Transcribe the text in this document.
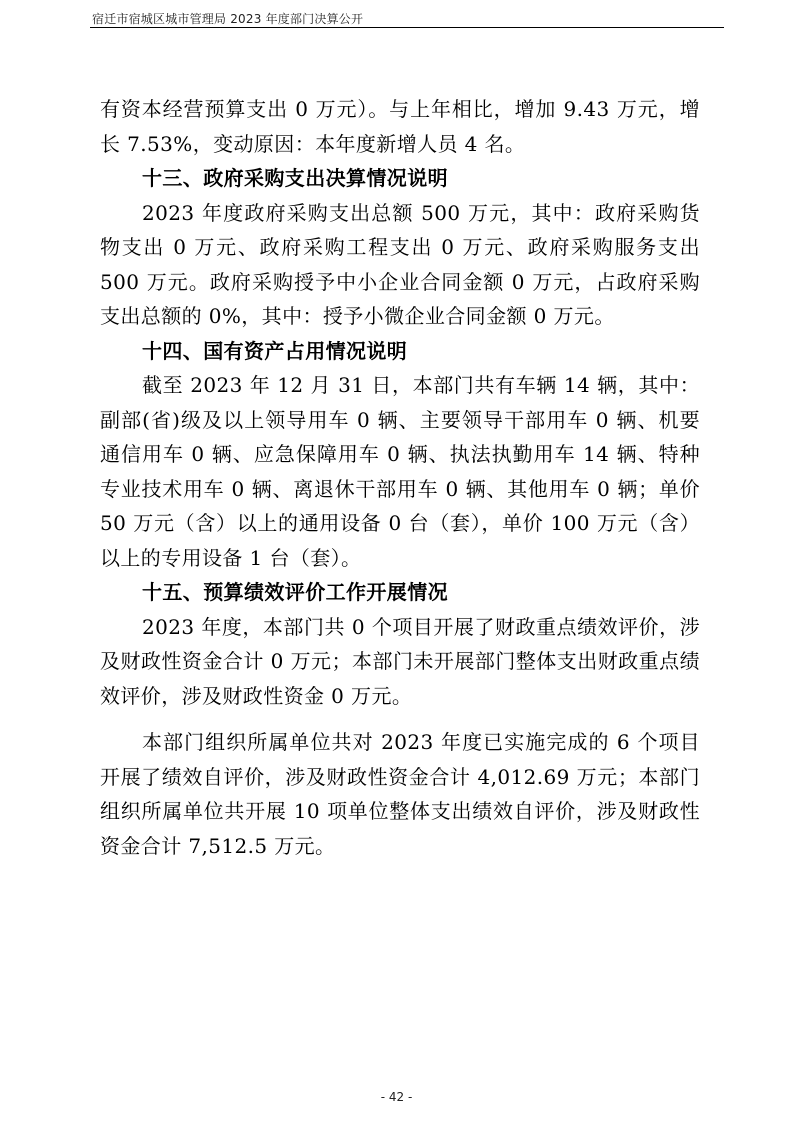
宿迁市宿城区城市管理局 2023 年度部门决算公开

有资本经营预算支出 0 万元）。与上年相比，增加 9.43 万元，增长 7.53%，变动原因：本年度新增人员 4 名。

十三、政府采购支出决算情况说明

2023 年度政府采购支出总额 500 万元，其中：政府采购货物支出 0 万元、政府采购工程支出 0 万元、政府采购服务支出 500 万元。政府采购授予中小企业合同金额 0 万元，占政府采购支出总额的 0%，其中：授予小微企业合同金额 0 万元。

十四、国有资产占用情况说明

截至 2023 年 12 月 31 日，本部门共有车辆 14 辆，其中：副部(省)级及以上领导用车 0 辆、主要领导干部用车 0 辆、机要通信用车 0 辆、应急保障用车 0 辆、执法执勤用车 14 辆、特种专业技术用车 0 辆、离退休干部用车 0 辆、其他用车 0 辆；单价 50 万元（含）以上的通用设备 0 台（套），单价 100 万元（含）以上的专用设备 1 台（套）。

十五、预算绩效评价工作开展情况

2023 年度，本部门共 0 个项目开展了财政重点绩效评价，涉及财政性资金合计 0 万元；本部门未开展部门整体支出财政重点绩效评价，涉及财政性资金 0 万元。

本部门组织所属单位共对 2023 年度已实施完成的 6 个项目开展了绩效自评价，涉及财政性资金合计 4,012.69 万元；本部门组织所属单位共开展 10 项单位整体支出绩效自评价，涉及财政性资金合计 7,512.5 万元。

- 42 -
